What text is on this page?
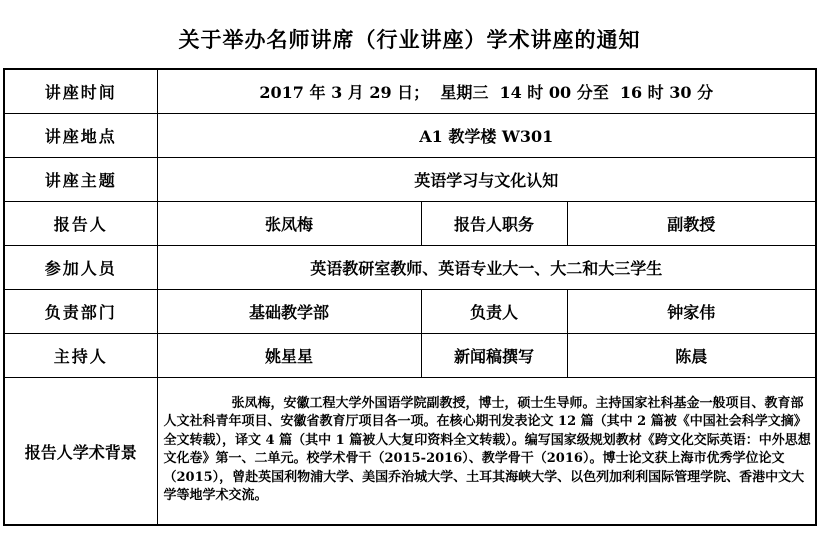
关于举办名师讲席（行业讲座）学术讲座的通知
讲座时间	2017 年 3 月 29 日；  星期三  14 时 00 分至  16 时 30 分		
讲座地点	A1 教学楼 W301		
讲座主题	英语学习与文化认知		
报告人	张凤梅	报告人职务	副教授
参加人员	英语教研室教师、英语专业大一、大二和大三学生		
负责部门	基础教学部	负责人	钟家伟
主持人	姚星星	新闻稿撰写	陈晨
报告人学术背景	张凤梅，安徽工程大学外国语学院副教授，博士，硕士生导师。主持国家社科基金一般项目、教育部人文社科青年项目、安徽省教育厅项目各一项。在核心期刊发表论文 12 篇（其中 2 篇被《中国社会科学文摘》全文转载），译文 4 篇（其中 1 篇被人大复印资料全文转载）。编写国家级规划教材《跨文化交际英语：中外思想文化卷》第一、二单元。校学术骨干（2015-2016）、教学骨干（2016）。博士论文获上海市优秀学位论文（2015），曾赴英国利物浦大学、美国乔治城大学、土耳其海峡大学、以色列加利利国际管理学院、香港中文大学等地学术交流。		
